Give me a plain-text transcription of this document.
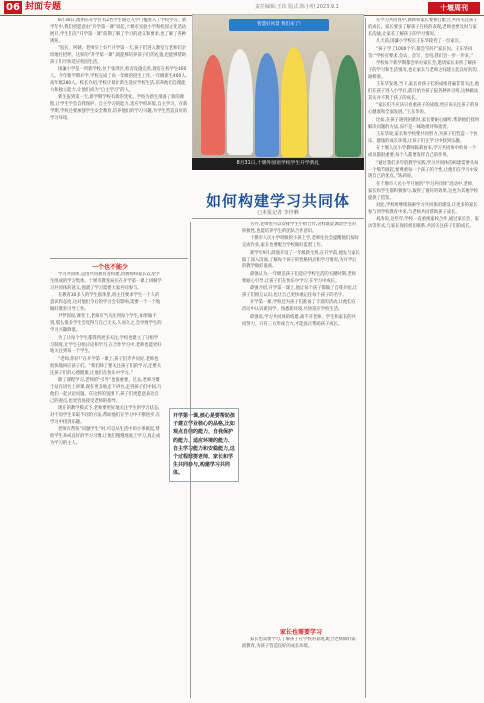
06 封面专题	责任编辑:王玮 版式:陈小明 2023.9.1	十堰周刊
8月30日,澳州东升学区有2名学生通过入学门槛进入了学校学习。新学年中,我们更愿意由“开学第一课”说起,十堰市实验小学和校园文化活动展开,学生们在“开学第一课”前期了解了学习的意义和要求,也了解了各种规矩。
“院长、阿姨、老师早上好!”开学第一天,孩子们进入教室与老师们亲切地打招呼。这样的“开学第一课”,既能够培养孩子们的礼貌,也能够帮助孩子们尽快适应校园生活。
国藩小学是一所新学校,位于张湾区,校舍设施完善,现有在校学生400人。今年新学期开学,学校完成了高一年级的招生工作,一年级新生400人,高年级280人。校长介绍,学校计划让新生适应学校生活,培养他们自理能力和独立能力,让他们成为“自主学习”的人。
新生报到第一天,新学期学校有新的变化。学校为新生准备了新的课程,让学生学会自我保护、自主学习的能力,适应学校环境,自主学习。在新学期,学校还要加强学生安全教育,培养他们的学习兴趣,为学生营造良好的学习环境。
一个也不能少
学习共同体,是由共同教育者构建,由教师和家长以及学生组成的学习集体。十堰市教育局长在开学第一课上讲解学习共同体的意义,强调了学习需要大家共同参与。
在教育30多人的学生群体里,班主任要求学生一个人的意识和态度,这对他们今后的学习会有影响,需要一个一个地做好教育引导工作。
尹梦园说,课堂上,老师应当关注到每个学生,如果做不到,那么很多学生会觉得与自己无关,久而久之,会导致学生的学习兴趣降低。
为了让每个学生都得到更多关注,学校也建立了分组学习制度,让学生分组讨论和学习,在合作学习中,老师也能更好地关注到每一个学生。
“老师,你好!”在开学第一课上,孩子们齐声问好,老师也很快地回应孩子们。“我们除了要关注孩子们的学习,还要关注孩子们的心理健康,让他们在快乐中学习。”
除了课程学习,老师的“引导”也很重要。过去,老师习惯于站在讲台上讲课,现在更多地走下讲台,走到孩子们中间,与他们一起讨论问题。在这样的氛围下,孩子们更愿意表达自己的观点,也更容易接受老师的指导。
现在的教学模式下,老师要更好地关注学生的学习状态,对不同学生采取不同的方法,帮助他们在学习中不断进步,在学习中找到乐趣。
老师在帮扶“问题学生”时,可以从生活中的小事做起,帮助学生养成良好的学习习惯,让他们慢慢地爱上学习,真正成为学习的主人。
智慧好风景 我们来了!
8月31日,十堰外国语学校学生开学典礼
如何构建学习共同体
□本报记者 李世晒
另外,老师也可以安排学生小组合作,这样既能调动学生的积极性,也能培养学生的团队合作意识。
十堰市人民小学班级的小孩上学,老师往往会提醒他们按时完成作业,家长也要配合学校做好监督工作。
新学年9月,薛强开设了一年级新生班,在开学前,他先与家长做了深入沟通,了解每个孩子的性格特点和学习情况,为开学后的教学做好准备。
薛强认为,一年级是孩子们适应学校生活的关键时期,老师要耐心引导,让孩子们在快乐中学习,在学习中成长。
薛强介绍,开学第一课上,他让每个孩子都做了自我介绍,让孩子们相互认识,也让自己更快地记住每个孩子的名字。
开学第一课,学校还为孩子们准备了丰富的活动,让他们在活动中认识新同学、熟悉新环境,尽快适应学校生活。
薛强说,学习共同体的构建,离不开老师、学生和家长的共同努力。只有三方形成合力,才能真正帮助孩子成长。
家长也需要学习
家长也需要学习,了解孩子在学校的表现,配合老师做好家庭教育,为孩子营造良好的成长环境。
开学第一课,核心是要帮助孩子建立学业核心的品格,比如观点自信的能力、自我保护的能力、适应环境的能力、自主学习能力和安稳能力,这个过程需要老师、家长和学生共同参与,构建学习共同体。
在学习共同体中,教师和家长要相互配合,共同关注孩子的成长。家长要多了解孩子在校的表现,老师也要及时与家长沟通,让家长了解孩子的学习情况。
几天前,国藩小学校长王东华接待了一位家长。
“孩子学了1000个字,都会写吗?”家长问。王东华回答:“学校有要求,会认、会写、会用,我们会一步一步来。”
学校每个新学期都会举办家长会,邀请家长来校了解孩子的学习和生活情况,也让家长与老师之间建立起良好的沟通桥梁。
王东华发现,当下,家长对孩子们的成绩普遍非常关注,他们在孩子进入小学后,就开始为孩子报各种补习班,这种做法其实并不利于孩子的成长。
“家长们不应该只看重孩子的成绩,更应该关注孩子的身心健康和全面发展。”王东华说。
比如,在孩子遇到困难时,家长要耐心倾听,帮助他们找到解决问题的方法,而不是一味地批评和指责。
王东华说,家长和学校要共同努力,为孩子们营造一个快乐、健康的成长环境,让孩子们在学习中找到乐趣。
在十堰人民小学教师陈莉看来,学习共同体中的每一个成员都很重要,每个人都要发挥自己的作用。
“通过我们多年的教学实践,学习共同体的构建需要从每一个细节做起,要尊重每一个孩子的个性,让他们在学习中发现自己的优点。”陈莉说。
在十堰市人民小学开展的“学习共同体”活动中,老师、家长和学生都积极参与,取得了很好的效果,这也为其他学校提供了借鉴。
对此,学校将继续探索学习共同体的建设,让更多的家长参与到学校教育中来,与老师共同帮助孩子成长。
刘涛说,这些年,学校一直重视家校合作,通过家长会、家访等形式,与家长保持密切联系,共同关注孩子们的成长。
